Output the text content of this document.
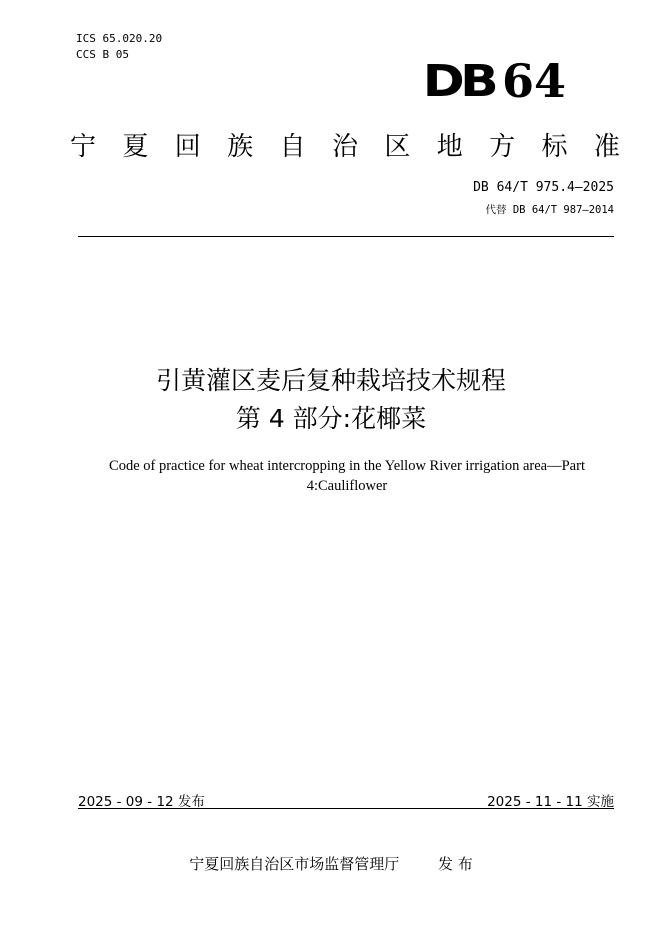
ICS 65.020.20
CCS B 05
DB 64
宁 夏 回 族 自 治 区 地 方 标 准
DB 64/T 975.4—2025
代替 DB 64/T 987—2014
引黄灌区麦后复种栽培技术规程
第 4 部分:花椰菜
Code of practice for wheat intercropping in the Yellow River irrigation area—Part
4:Cauliflower
2025 - 09 - 12 发布	2025 - 11 - 11 实施
宁夏回族自治区市场监督管理厅	发 布
